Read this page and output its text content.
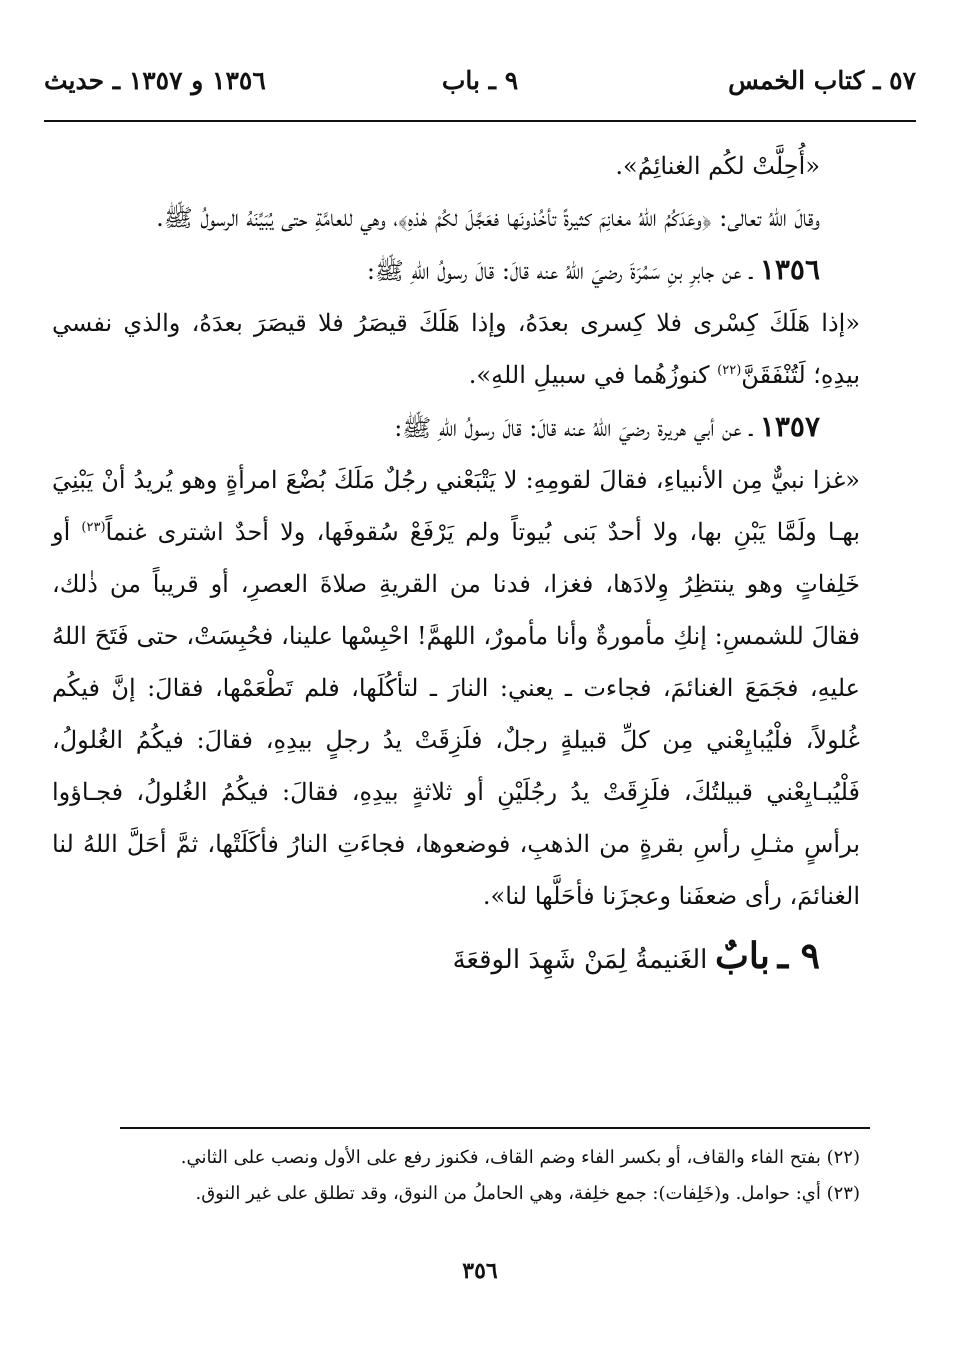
٥٧ ـ كتاب الخمس
٩ ـ باب
١٣٥٦ و ١٣٥٧ ـ حديث

«أُحِلَّتْ لكُم الغنائِمُ».

وقالَ اللهُ تعالى: ﴿وعَدَكُمُ اللهُ مغانِمَ كثيرةً تأخُذونَها فعَجَّلَ لكُمْ هٰذهِ﴾، وهي للعامَّةِ حتى يُبَيِّنَهُ الرسولُ ﷺ.

١٣٥٦ ـ عن جابرِ بنِ سَمُرَةَ رضيَ اللهُ عنه قالَ: قالَ رسولُ اللهِ ﷺ:

«إذا هَلَكَ كِسْرى فلا كِسرى بعدَهُ، وإذا هَلَكَ قيصَرُ فلا قيصَرَ بعدَهُ، والذي نفسي بيدِهِ؛ لَتُنْفَقَنَّ$^{(٢٢)}$ كنوزُهُما في سبيلِ اللهِ».

١٣٥٧ ـ عن أبي هريرة رضيَ اللهُ عنه قالَ: قالَ رسولُ اللهِ ﷺ:

«غزا نبيٌّ مِن الأنبياءِ، فقالَ لقومِهِ: لا يَتْبَعْني رجُلٌ مَلَكَ بُضْعَ امرأةٍ وهو يُريدُ أنْ يَبْنِيَ بهـا ولَمَّا يَبْنِ بها، ولا أحدٌ بَنى بُيوتاً ولم يَرْفَعْ سُقوفَها، ولا أحدٌ اشترى غنماً$^{(٢٣)}$ أو خَلِفاتٍ وهو ينتظِرُ وِلادَها، فغزا، فدنا من القريةِ صلاةَ العصرِ، أو قريباً من ذٰلك، فقالَ للشمسِ: إنكِ مأمورةٌ وأنا مأمورٌ، اللهمَّ! احْبِسْها علينا، فحُبِسَتْ، حتى فَتَحَ اللهُ عليهِ، فجَمَعَ الغنائمَ، فجاءت ـ يعني: النارَ ـ لتأكُلَها، فلم تَطْعَمْها، فقالَ: إنَّ فيكُم غُلولاً، فلْيُبايِعْني مِن كلِّ قبيلةٍ رجلٌ، فلَزِقَتْ يدُ رجلٍ بيدِهِ، فقالَ: فيكُمُ الغُلولُ، فَلْيُبـايِعْني قبيلتُكَ، فلَزِقَتْ يدُ رجُلَيْنِ أو ثلاثةٍ بيدِهِ، فقالَ: فيكُمُ الغُلولُ، فجـاؤوا برأسٍ مثـلِ رأسِ بقرةٍ من الذهبِ، فوضعوها، فجاءَتِ النارُ فأكَلَتْها، ثمَّ أحَلَّ اللهُ لنا الغنائمَ، رأى ضعفَنا وعجزَنا فأحَلَّها لنا».

٩ ـ بابٌ الغَنيمةُ لِمَنْ شَهِدَ الوقعَةَ

(٢٢) بفتح الفاء والقاف، أو بكسر الفاء وضم القاف، فكنوز رفع على الأول ونصب على الثاني.

(٢٣) أي: حوامل. و(خَلِفات): جمع خلِفة، وهي الحاملُ من النوق، وقد تطلق على غير النوق.

٣٥٦
